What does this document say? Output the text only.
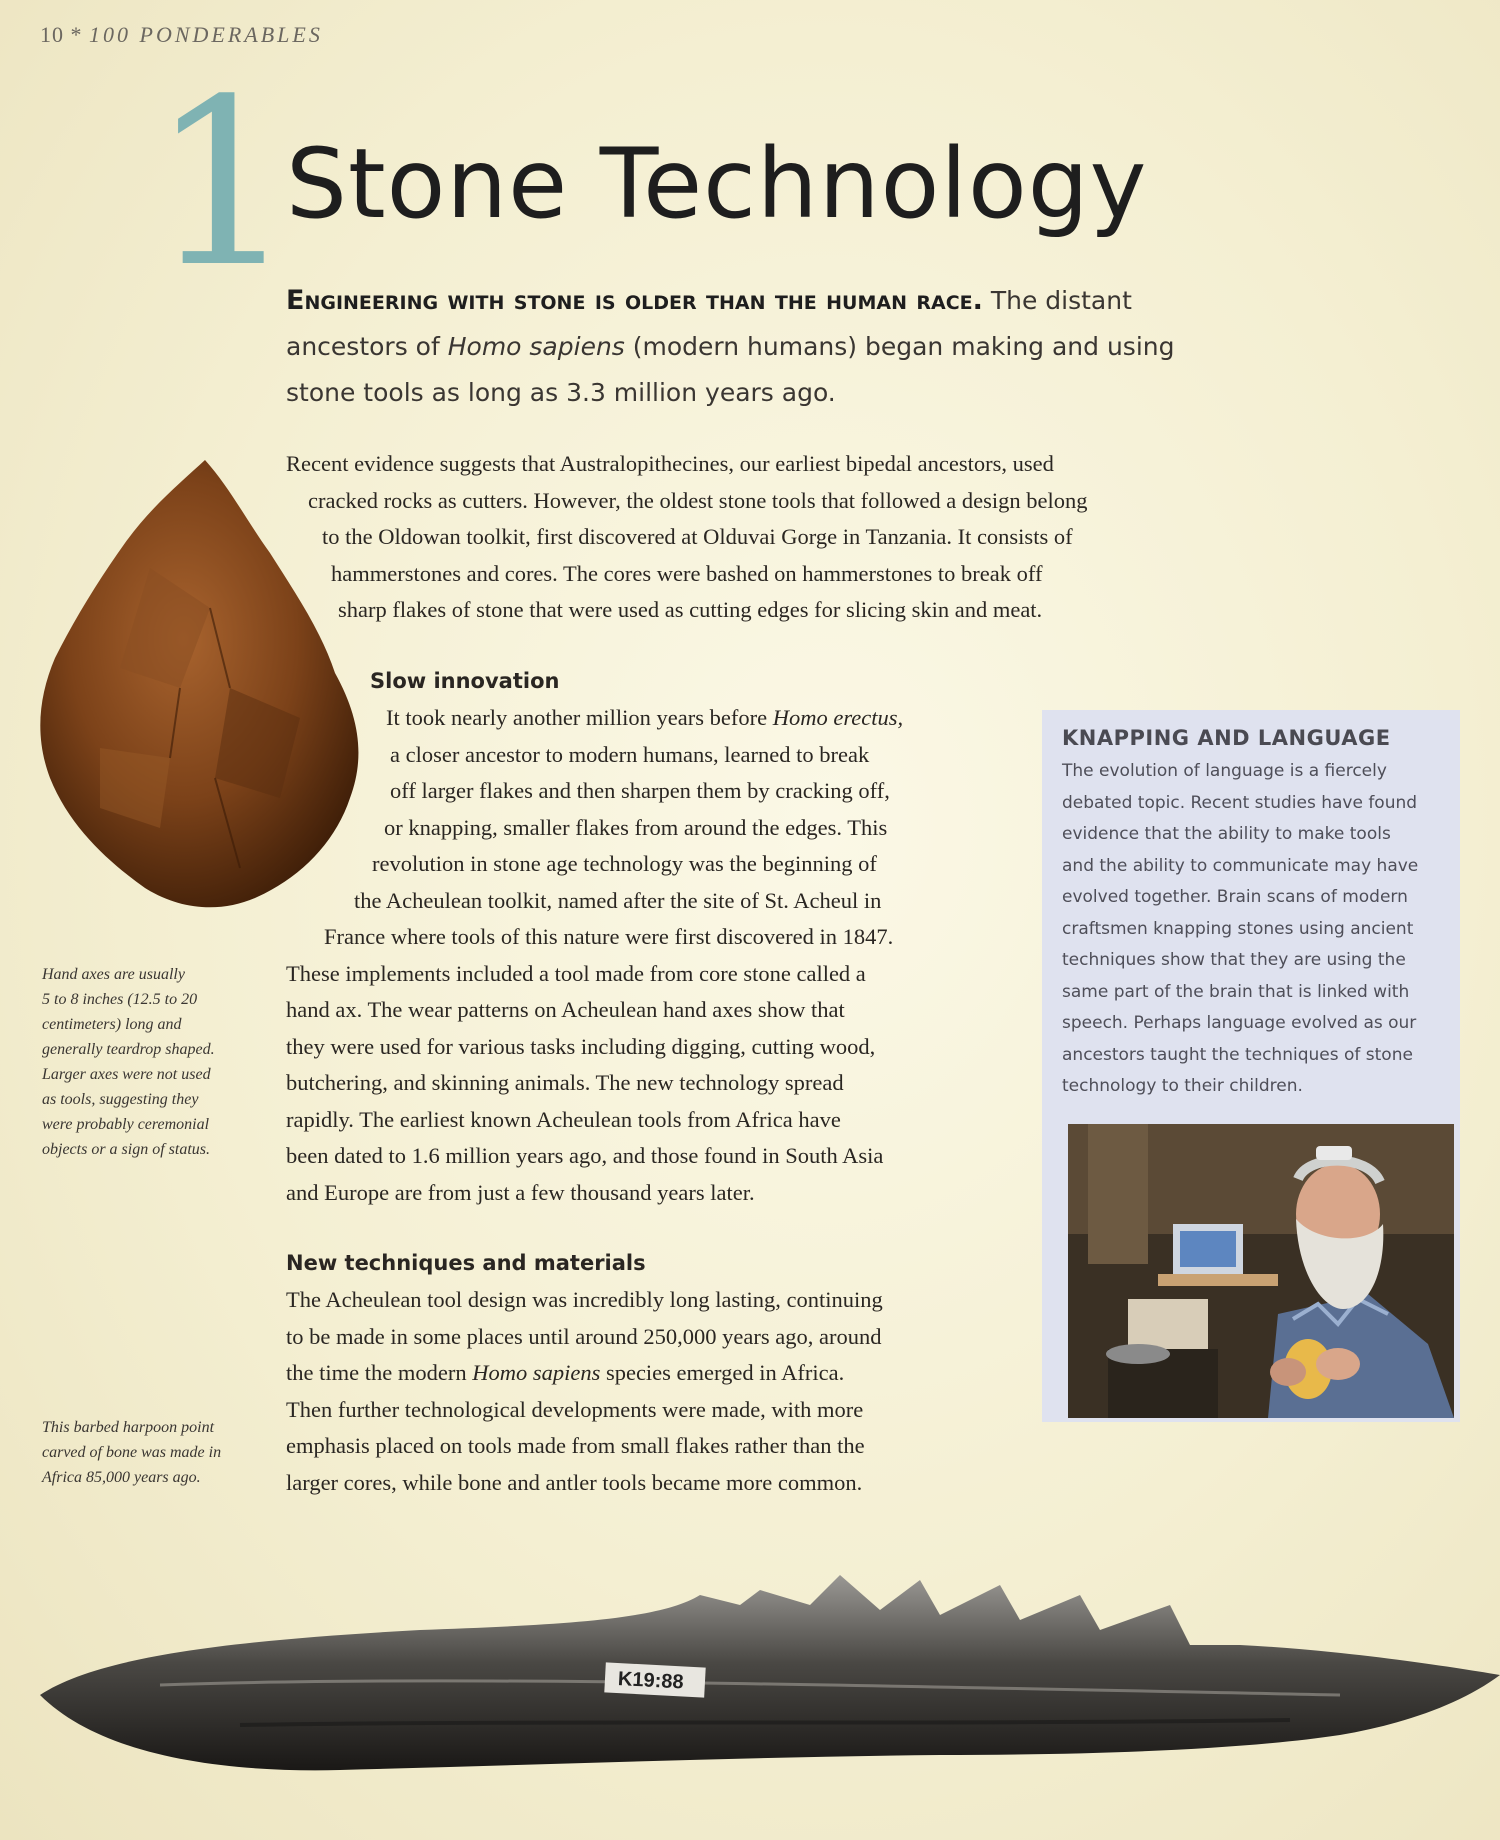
10 * 100 PONDERABLES
1
Stone Technology

Engineering with stone is older than the human race. The distant ancestors of Homo sapiens (modern humans) began making and using stone tools as long as 3.3 million years ago.

Recent evidence suggests that Australopithecines, our earliest bipedal ancestors, used
cracked rocks as cutters. However, the oldest stone tools that followed a design belong
to the Oldowan toolkit, first discovered at Olduvai Gorge in Tanzania. It consists of
hammerstones and cores. The cores were bashed on hammerstones to break off
sharp flakes of stone that were used as cutting edges for slicing skin and meat.
Slow innovation
It took nearly another million years before Homo erectus,
a closer ancestor to modern humans, learned to break
off larger flakes and then sharpen them by cracking off,
or knapping, smaller flakes from around the edges. This
revolution in stone age technology was the beginning of
the Acheulean toolkit, named after the site of St. Acheul in
France where tools of this nature were first discovered in 1847.
These implements included a tool made from core stone called a
hand ax. The wear patterns on Acheulean hand axes show that
they were used for various tasks including digging, cutting wood,
butchering, and skinning animals. The new technology spread
rapidly. The earliest known Acheulean tools from Africa have
been dated to 1.6 million years ago, and those found in South Asia
and Europe are from just a few thousand years later.
Hand axes are usually
5 to 8 inches (12.5 to 20
centimeters) long and
generally teardrop shaped.
Larger axes were not used
as tools, suggesting they
were probably ceremonial
objects or a sign of status.
New techniques and materials
The Acheulean tool design was incredibly long lasting, continuing
to be made in some places until around 250,000 years ago, around
the time the modern Homo sapiens species emerged in Africa.
Then further technological developments were made, with more
emphasis placed on tools made from small flakes rather than the
larger cores, while bone and antler tools became more common.
This barbed harpoon point
carved of bone was made in
Africa 85,000 years ago.
KNAPPING AND LANGUAGE
The evolution of language is a fiercely
debated topic. Recent studies have found
evidence that the ability to make tools
and the ability to communicate may have
evolved together. Brain scans of modern
craftsmen knapping stones using ancient
techniques show that they are using the
same part of the brain that is linked with
speech. Perhaps language evolved as our
ancestors taught the techniques of stone
technology to their children.
K19:88
